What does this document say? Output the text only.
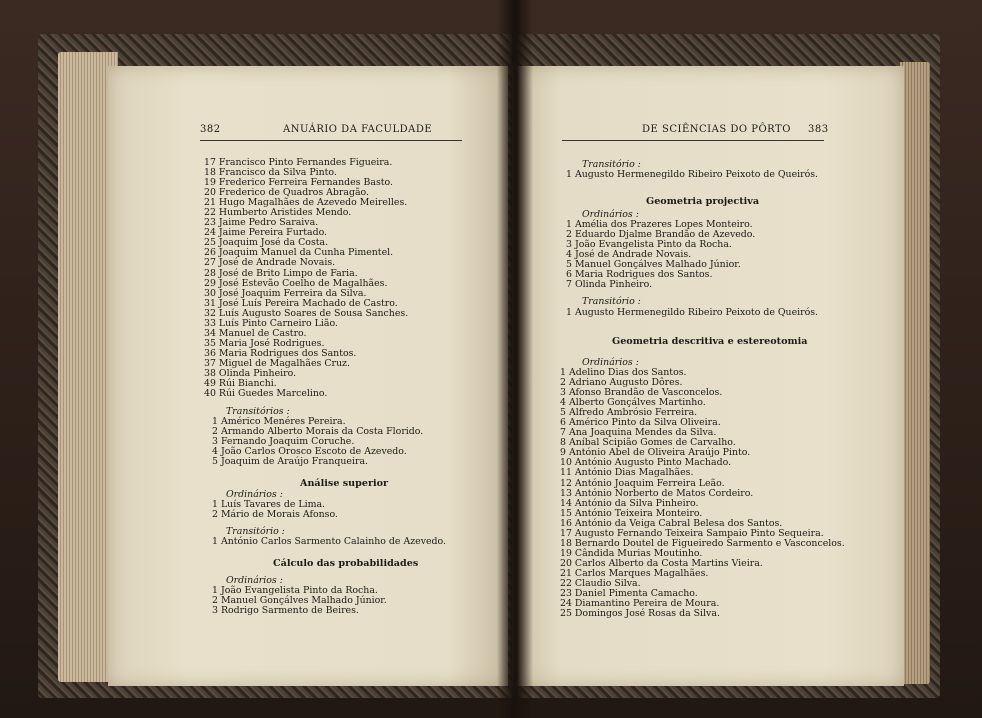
382	ANUÁRIO DA FACULDADE
17 Francisco Pinto Fernandes Figueira.
18 Francisco da Silva Pinto.
19 Frederico Ferreira Fernandes Basto.
20 Frederico de Quadros Abragão.
21 Hugo Magalhães de Azevedo Meirelles.
22 Humberto Aristides Mendo.
23 Jaime Pedro Saraiva.
24 Jaime Pereira Furtado.
25 Joaquim José da Costa.
26 Joaquim Manuel da Cunha Pimentel.
27 José de Andrade Novais.
28 José de Brito Limpo de Faria.
29 José Estevão Coelho de Magalhães.
30 José Joaquim Ferreira da Silva.
31 José Luís Pereira Machado de Castro.
32 Luís Augusto Soares de Sousa Sanches.
33 Luís Pinto Carneiro Lião.
34 Manuel de Castro.
35 Maria José Rodrigues.
36 Maria Rodrigues dos Santos.
37 Miguel de Magalhães Cruz.
38 Olinda Pinheiro.
49 Rúi Bianchi.
40 Rúi Guedes Marcelino.
Transitórios :
1 Américo Menéres Pereira.
2 Armando Alberto Morais da Costa Florido.
3 Fernando Joaquim Coruche.
4 João Carlos Orosco Escoto de Azevedo.
5 Joaquim de Araújo Franqueira.
Análise superior
Ordinários :
1 Luís Tavares de Lima.
2 Mário de Morais Afonso.
Transitório :
1 António Carlos Sarmento Calainho de Azevedo.
Cálculo das probabilidades
Ordinários :
1 João Evangelista Pinto da Rocha.
2 Manuel Gonçálves Malhado Júnior.
3 Rodrigo Sarmento de Beires.
DE SCIÊNCIAS DO PÔRTO 383
Transitório :
1 Augusto Hermenegildo Ribeiro Peixoto de Queirós.
Geometria projectiva
Ordinários :
1 Amélia dos Prazeres Lopes Monteiro.
2 Eduardo Djalme Brandão de Azevedo.
3 João Evangelista Pinto da Rocha.
4 José de Andrade Novais.
5 Manuel Gonçálves Malhado Júnior.
6 Maria Rodrigues dos Santos.
7 Olinda Pinheiro.
Transitório :
1 Augusto Hermenegildo Ribeiro Peixoto de Queirós.
Geometria descritiva e estereotomia
Ordinários :
1 Adelino Dias dos Santos.
2 Adriano Augusto Dôres.
3 Afonso Brandão de Vasconcelos.
4 Alberto Gonçálves Martinho.
5 Alfredo Ambrósio Ferreira.
6 Américo Pinto da Silva Oliveira.
7 Ana Joaquina Mendes da Silva.
8 Aníbal Scipião Gomes de Carvalho.
9 António Abel de Oliveira Araújo Pinto.
10 António Augusto Pinto Machado.
11 António Dias Magalhães.
12 António Joaquim Ferreira Leão.
13 António Norberto de Matos Cordeiro.
14 António da Silva Pinheiro.
15 António Teixeira Monteiro.
16 António da Veiga Cabral Belesa dos Santos.
17 Augusto Fernando Teixeira Sampaio Pinto Sequeira.
18 Bernardo Doutel de Figueiredo Sarmento e Vasconcelos.
19 Cândida Murias Moutinho.
20 Carlos Alberto da Costa Martins Vieira.
21 Carlos Marques Magalhães.
22 Claudio Silva.
23 Daniel Pimenta Camacho.
24 Diamantino Pereira de Moura.
25 Domingos José Rosas da Silva.
